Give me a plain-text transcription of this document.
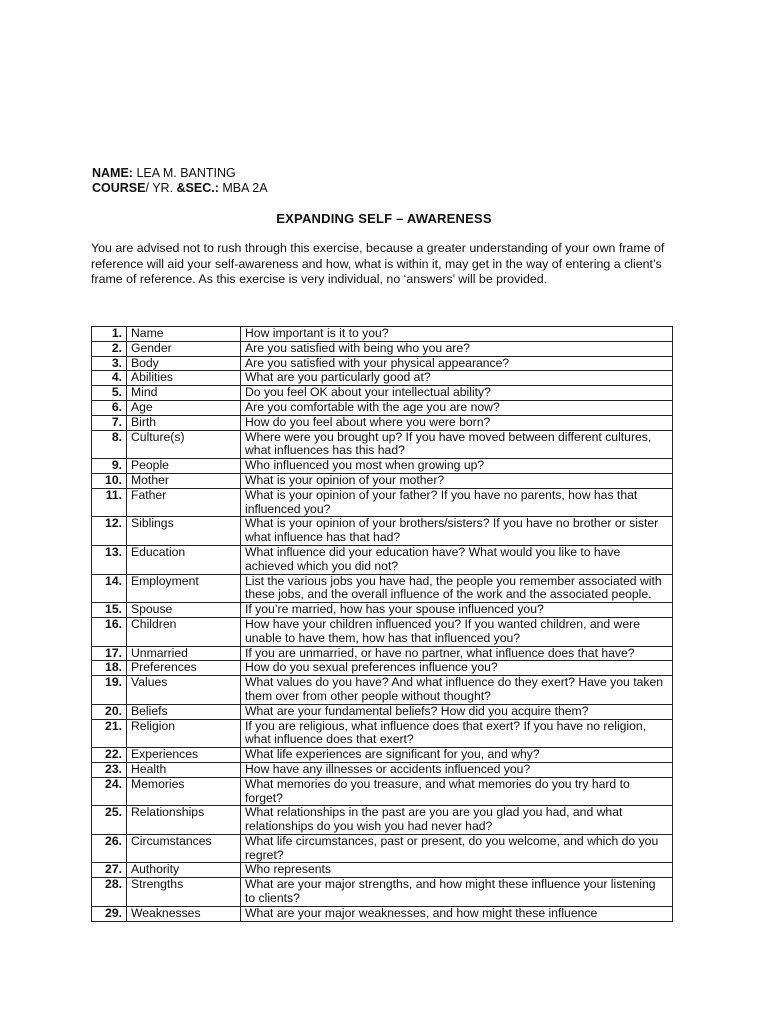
NAME: LEA M. BANTING
COURSE/ YR. &SEC.: MBA 2A
EXPANDING SELF – AWARENESS
You are advised not to rush through this exercise, because a greater understanding of your own frame of reference will aid your self-awareness and how, what is within it, may get in the way of entering a client’s frame of reference. As this exercise is very individual, no ‘answers’ will be provided.
1.	Name	How important is it to you?
2.	Gender	Are you satisfied with being who you are?
3.	Body	Are you satisfied with your physical appearance?
4.	Abilities	What are you particularly good at?
5.	Mind	Do you feel OK about your intellectual ability?
6.	Age	Are you comfortable with the age you are now?
7.	Birth	How do you feel about where you were born?
8.	Culture(s)	Where were you brought up? If you have moved between different cultures, what influences has this had?
9.	People	Who influenced you most when growing up?
10.	Mother	What is your opinion of your mother?
11.	Father	What is your opinion of your father? If you have no parents, how has that influenced you?
12.	Siblings	What is your opinion of your brothers/sisters? If you have no brother or sister what influence has that had?
13.	Education	What influence did your education have? What would you like to have achieved which you did not?
14.	Employment	List the various jobs you have had, the people you remember associated with these jobs, and the overall influence of the work and the associated people.
15.	Spouse	If you’re married, how has your spouse influenced you?
16.	Children	How have your children influenced you? If you wanted children, and were unable to have them, how has that influenced you?
17.	Unmarried	If you are unmarried, or have no partner, what influence does that have?
18.	Preferences	How do you sexual preferences influence you?
19.	Values	What values do you have? And what influence do they exert? Have you taken them over from other people without thought?
20.	Beliefs	What are your fundamental beliefs? How did you acquire them?
21.	Religion	If you are religious, what influence does that exert? If you have no religion, what influence does that exert?
22.	Experiences	What life experiences are significant for you, and why?
23.	Health	How have any illnesses or accidents influenced you?
24.	Memories	What memories do you treasure, and what memories do you try hard to forget?
25.	Relationships	What relationships in the past are you are you glad you had, and what relationships do you wish you had never had?
26.	Circumstances	What life circumstances, past or present, do you welcome, and which do you regret?
27.	Authority	Who represents
28.	Strengths	What are your major strengths, and how might these influence your listening to clients?
29.	Weaknesses	What are your major weaknesses, and how might these influence
